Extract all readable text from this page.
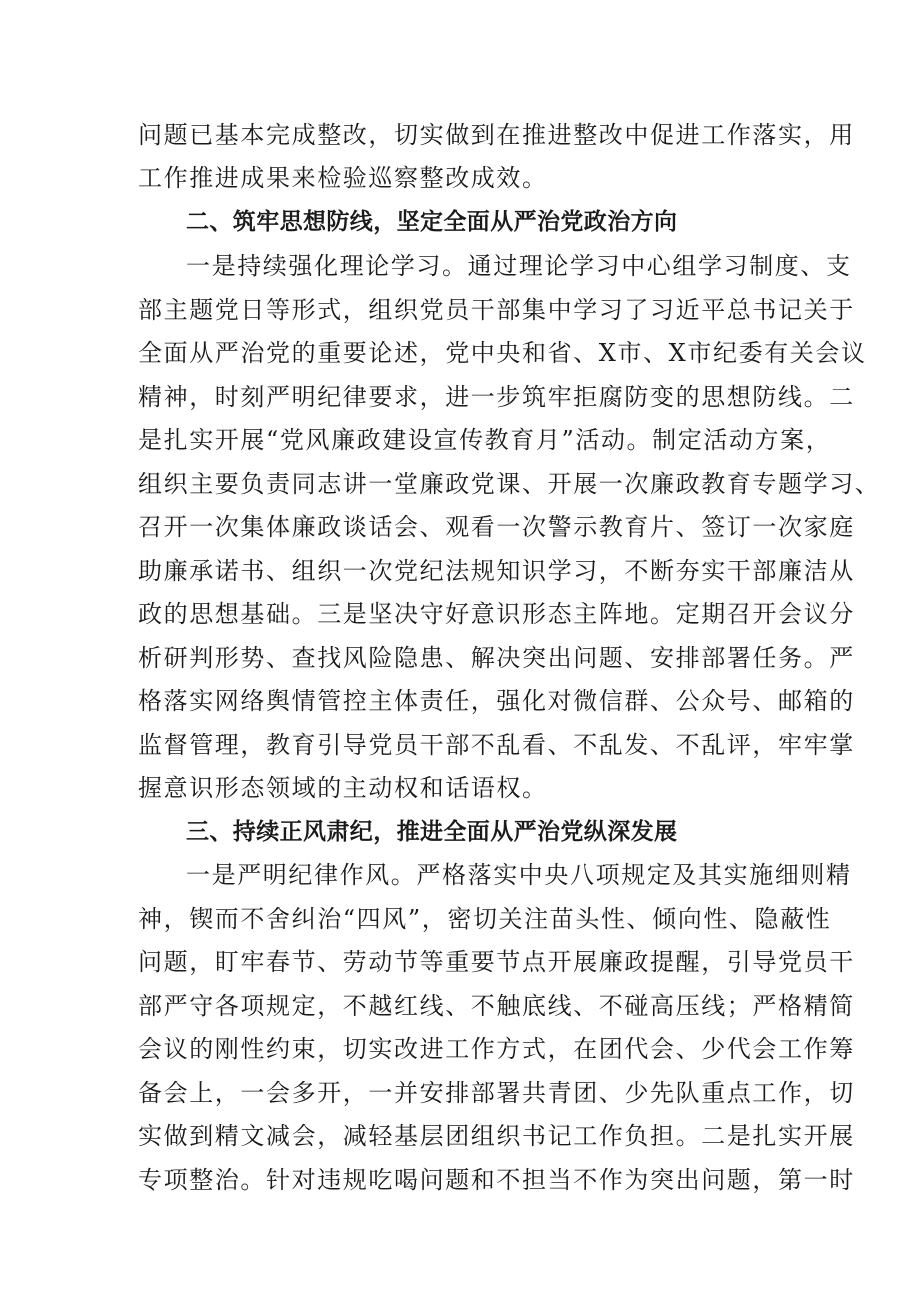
问题已基本完成整改，切实做到在推进整改中促进工作落实，用
工作推进成果来检验巡察整改成效。
二、筑牢思想防线，坚定全面从严治党政治方向
一是持续强化理论学习。通过理论学习中心组学习制度、支
部主题党日等形式，组织党员干部集中学习了习近平总书记关于
全面从严治党的重要论述，党中央和省、X市、X市纪委有关会议
精神，时刻严明纪律要求，进一步筑牢拒腐防变的思想防线。二
是扎实开展“党风廉政建设宣传教育月”活动。制定活动方案，
组织主要负责同志讲一堂廉政党课、开展一次廉政教育专题学习、
召开一次集体廉政谈话会、观看一次警示教育片、签订一次家庭
助廉承诺书、组织一次党纪法规知识学习，不断夯实干部廉洁从
政的思想基础。三是坚决守好意识形态主阵地。定期召开会议分
析研判形势、查找风险隐患、解决突出问题、安排部署任务。严
格落实网络舆情管控主体责任，强化对微信群、公众号、邮箱的
监督管理，教育引导党员干部不乱看、不乱发、不乱评，牢牢掌
握意识形态领域的主动权和话语权。
三、持续正风肃纪，推进全面从严治党纵深发展
一是严明纪律作风。严格落实中央八项规定及其实施细则精
神，锲而不舍纠治“四风”，密切关注苗头性、倾向性、隐蔽性
问题，盯牢春节、劳动节等重要节点开展廉政提醒，引导党员干
部严守各项规定，不越红线、不触底线、不碰高压线；严格精简
会议的刚性约束，切实改进工作方式，在团代会、少代会工作筹
备会上，一会多开，一并安排部署共青团、少先队重点工作，切
实做到精文减会，减轻基层团组织书记工作负担。二是扎实开展
专项整治。针对违规吃喝问题和不担当不作为突出问题，第一时
